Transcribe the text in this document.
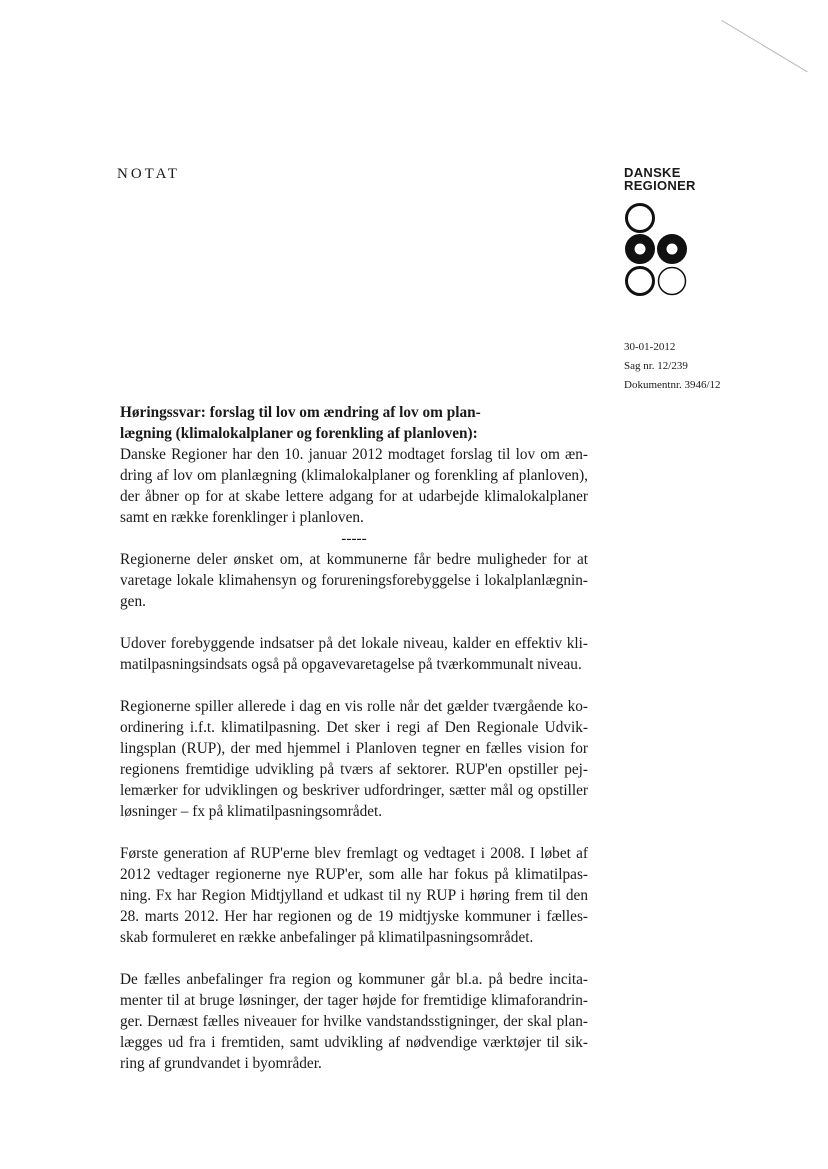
NOTAT	DANSKE
REGIONER
30-01-2012
Sag nr. 12/239
Dokumentnr. 3946/12
Høringssvar: forslag til lov om ændring af lov om plan-
lægning (klimalokalplaner og forenkling af planloven):
Danske Regioner har den 10. januar 2012 modtaget forslag til lov om æn-
dring af lov om planlægning (klimalokalplaner og forenkling af planloven),
der åbner op for at skabe lettere adgang for at udarbejde klimalokalplaner
samt en række forenklinger i planloven.
-----
Regionerne deler ønsket om, at kommunerne får bedre muligheder for at
varetage lokale klimahensyn og forureningsforebyggelse i lokalplanlægnin-
gen.
Udover forebyggende indsatser på det lokale niveau, kalder en effektiv kli-
matilpasningsindsats også på opgavevaretagelse på tværkommunalt niveau.
Regionerne spiller allerede i dag en vis rolle når det gælder tværgående ko-
ordinering i.f.t. klimatilpasning. Det sker i regi af Den Regionale Udvik-
lingsplan (RUP), der med hjemmel i Planloven tegner en fælles vision for
regionens fremtidige udvikling på tværs af sektorer. RUP'en opstiller pej-
lemærker for udviklingen og beskriver udfordringer, sætter mål og opstiller
løsninger – fx på klimatilpasningsområdet.
Første generation af RUP'erne blev fremlagt og vedtaget i 2008. I løbet af
2012 vedtager regionerne nye RUP'er, som alle har fokus på klimatilpas-
ning. Fx har Region Midtjylland et udkast til ny RUP i høring frem til den
28. marts 2012. Her har regionen og de 19 midtjyske kommuner i fælles-
skab formuleret en række anbefalinger på klimatilpasningsområdet.
De fælles anbefalinger fra region og kommuner går bl.a. på bedre incita-
menter til at bruge løsninger, der tager højde for fremtidige klimaforandrin-
ger. Dernæst fælles niveauer for hvilke vandstandsstigninger, der skal plan-
lægges ud fra i fremtiden, samt udvikling af nødvendige værktøjer til sik-
ring af grundvandet i byområder.
